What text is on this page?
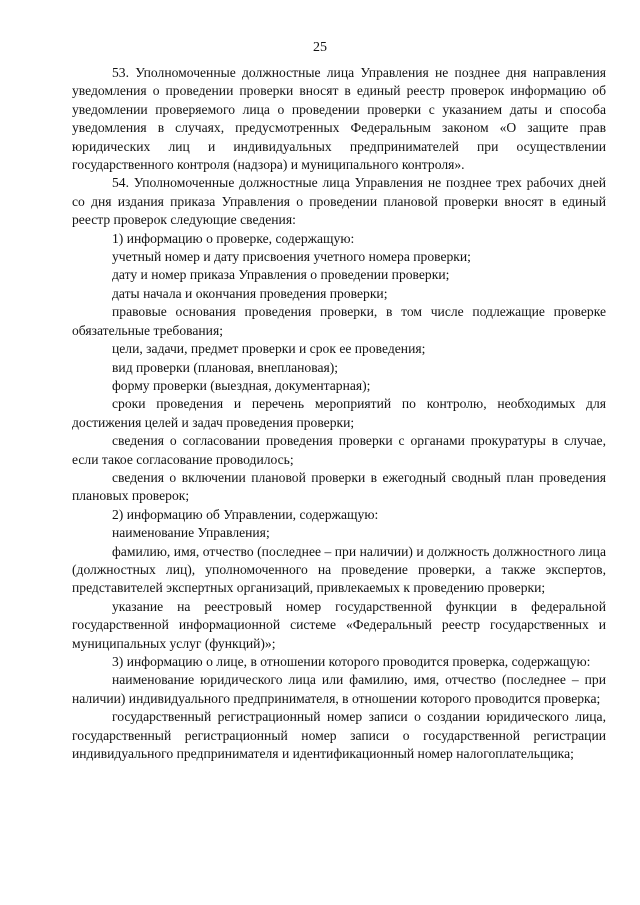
25

53. Уполномоченные должностные лица Управления не позднее дня направления уведомления о проведении проверки вносят в единый реестр проверок информацию об уведомлении проверяемого лица о проведении проверки с указанием даты и способа уведомления в случаях, предусмотренных Федеральным законом «О защите прав юридических лиц и индивидуальных предпринимателей при осуществлении государственного контроля (надзора) и муниципального контроля».

54. Уполномоченные должностные лица Управления не позднее трех рабочих дней со дня издания приказа Управления о проведении плановой проверки вносят в единый реестр проверок следующие сведения:

1) информацию о проверке, содержащую:

учетный номер и дату присвоения учетного номера проверки;

дату и номер приказа Управления о проведении проверки;

даты начала и окончания проведения проверки;

правовые основания проведения проверки, в том числе подлежащие проверке обязательные требования;

цели, задачи, предмет проверки и срок ее проведения;

вид проверки (плановая, внеплановая);

форму проверки (выездная, документарная);

сроки проведения и перечень мероприятий по контролю, необходимых для достижения целей и задач проведения проверки;

сведения о согласовании проведения проверки с органами прокуратуры в случае, если такое согласование проводилось;

сведения о включении плановой проверки в ежегодный сводный план проведения плановых проверок;

2) информацию об Управлении, содержащую:

наименование Управления;

фамилию, имя, отчество (последнее – при наличии) и должность должностного лица (должностных лиц), уполномоченного на проведение проверки, а также экспертов, представителей экспертных организаций, привлекаемых к проведению проверки;

указание на реестровый номер государственной функции в федеральной государственной информационной системе «Федеральный реестр государственных и муниципальных услуг (функций)»;

3) информацию о лице, в отношении которого проводится проверка, содержащую:

наименование юридического лица или фамилию, имя, отчество (последнее – при наличии) индивидуального предпринимателя, в отношении которого проводится проверка;

государственный регистрационный номер записи о создании юридического лица, государственный регистрационный номер записи о государственной регистрации индивидуального предпринимателя и идентификационный номер налогоплательщика;
